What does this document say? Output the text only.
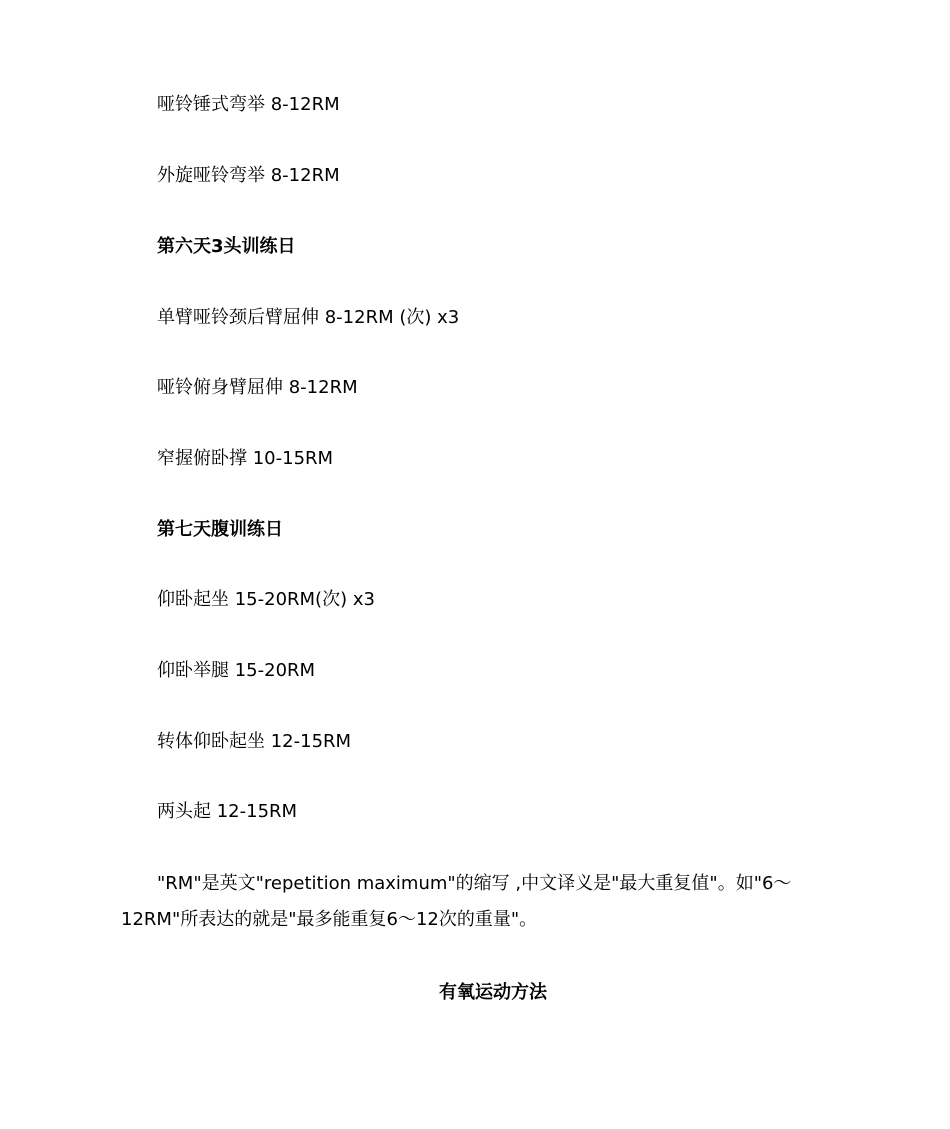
哑铃锤式弯举 8-12RM
外旋哑铃弯举 8-12RM
第六天3头训练日
单臂哑铃颈后臂屈伸 8-12RM (次) x3
哑铃俯身臂屈伸 8-12RM
窄握俯卧撑 10-15RM
第七天腹训练日
仰卧起坐 15-20RM(次) x3
仰卧举腿 15-20RM
转体仰卧起坐 12-15RM
两头起 12-15RM
"RM"是英文"repetition maximum"的缩写 ,中文译义是"最大重复值"。如"6～12RM"所表达的就是"最多能重复6～12次的重量"。
有氧运动方法
